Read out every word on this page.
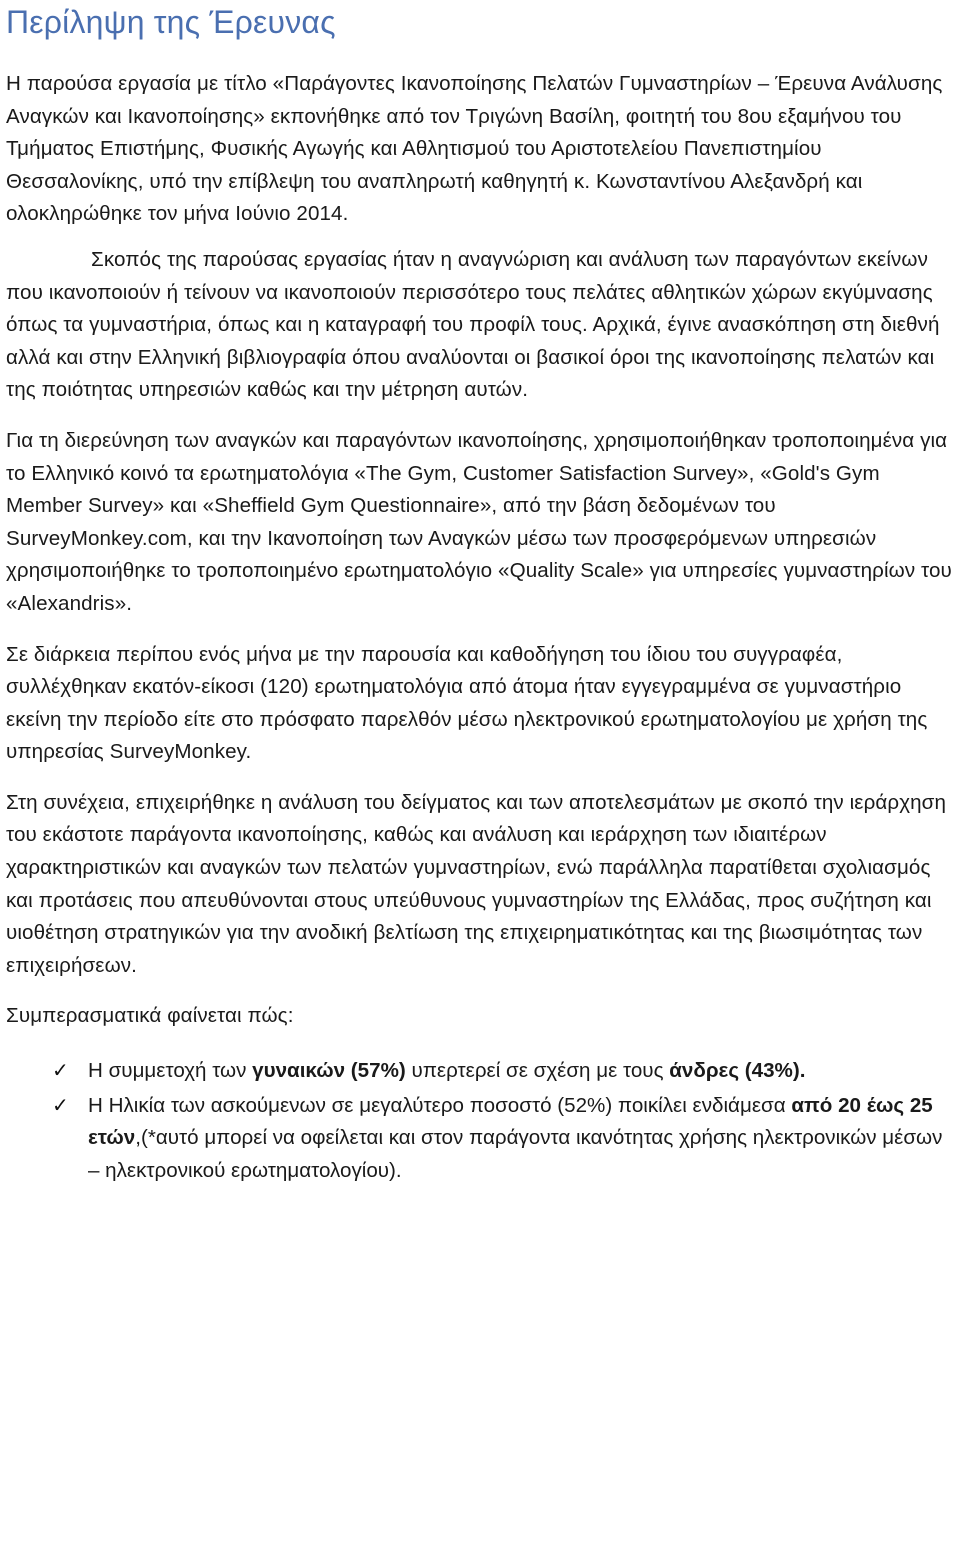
Περίληψη της Έρευνας

Η παρούσα εργασία με τίτλο «Παράγοντες Ικανοποίησης Πελατών Γυμναστηρίων – Έρευνα Ανάλυσης Αναγκών και Ικανοποίησης» εκπονήθηκε από τον Τριγώνη Βασίλη, φοιτητή του 8ου εξαμήνου του Τμήματος Επιστήμης, Φυσικής Αγωγής και Αθλητισμού του Αριστοτελείου Πανεπιστημίου Θεσσαλονίκης, υπό την επίβλεψη του αναπληρωτή καθηγητή κ. Κωνσταντίνου Αλεξανδρή και ολοκληρώθηκε τον μήνα Ιούνιο 2014.

Σκοπός της παρούσας εργασίας ήταν η αναγνώριση και ανάλυση των παραγόντων εκείνων που ικανοποιούν ή τείνουν να ικανοποιούν περισσότερο τους πελάτες αθλητικών χώρων εκγύμνασης όπως τα γυμναστήρια, όπως και η καταγραφή του προφίλ τους. Αρχικά, έγινε ανασκόπηση στη διεθνή αλλά και στην Ελληνική βιβλιογραφία όπου αναλύονται οι βασικοί όροι της ικανοποίησης πελατών και της ποιότητας υπηρεσιών καθώς και την μέτρηση αυτών.

Για τη διερεύνηση των αναγκών και παραγόντων ικανοποίησης, χρησιμοποιήθηκαν τροποποιημένα για το Ελληνικό κοινό τα ερωτηματολόγια «The Gym, Customer Satisfaction Survey», «Gold's Gym Member Survey» και «Sheffield Gym Questionnaire», από την βάση δεδομένων του SurveyMonkey.com, και την Ικανοποίηση των Αναγκών μέσω των προσφερόμενων υπηρεσιών χρησιμοποιήθηκε το τροποποιημένο ερωτηματολόγιο «Quality Scale» για υπηρεσίες γυμναστηρίων του «Alexandris».

Σε διάρκεια περίπου ενός μήνα με την παρουσία και καθοδήγηση του ίδιου του συγγραφέα, συλλέχθηκαν εκατόν-είκοσι (120) ερωτηματολόγια από άτομα ήταν εγγεγραμμένα σε γυμναστήριο εκείνη την περίοδο είτε στο πρόσφατο παρελθόν μέσω ηλεκτρονικού ερωτηματολογίου με χρήση της υπηρεσίας SurveyMonkey.

Στη συνέχεια, επιχειρήθηκε η ανάλυση του δείγματος και των αποτελεσμάτων με σκοπό την ιεράρχηση του εκάστοτε παράγοντα ικανοποίησης, καθώς και ανάλυση και ιεράρχηση των ιδιαιτέρων χαρακτηριστικών και αναγκών των πελατών γυμναστηρίων, ενώ παράλληλα παρατίθεται σχολιασμός και προτάσεις που απευθύνονται στους υπεύθυνους γυμναστηρίων της Ελλάδας, προς συζήτηση και υιοθέτηση στρατηγικών για την ανοδική βελτίωση της επιχειρηματικότητας και της βιωσιμότητας των επιχειρήσεων.

Συμπερασματικά φαίνεται πώς:

✓ Η συμμετοχή των γυναικών (57%) υπερτερεί σε σχέση με τους άνδρες (43%).
✓ Η Ηλικία των ασκούμενων σε μεγαλύτερο ποσοστό (52%) ποικίλει ενδιάμεσα από 20 έως 25 ετών,(*αυτό μπορεί να οφείλεται και στον παράγοντα ικανότητας χρήσης ηλεκτρονικών μέσων – ηλεκτρονικού ερωτηματολογίου).
